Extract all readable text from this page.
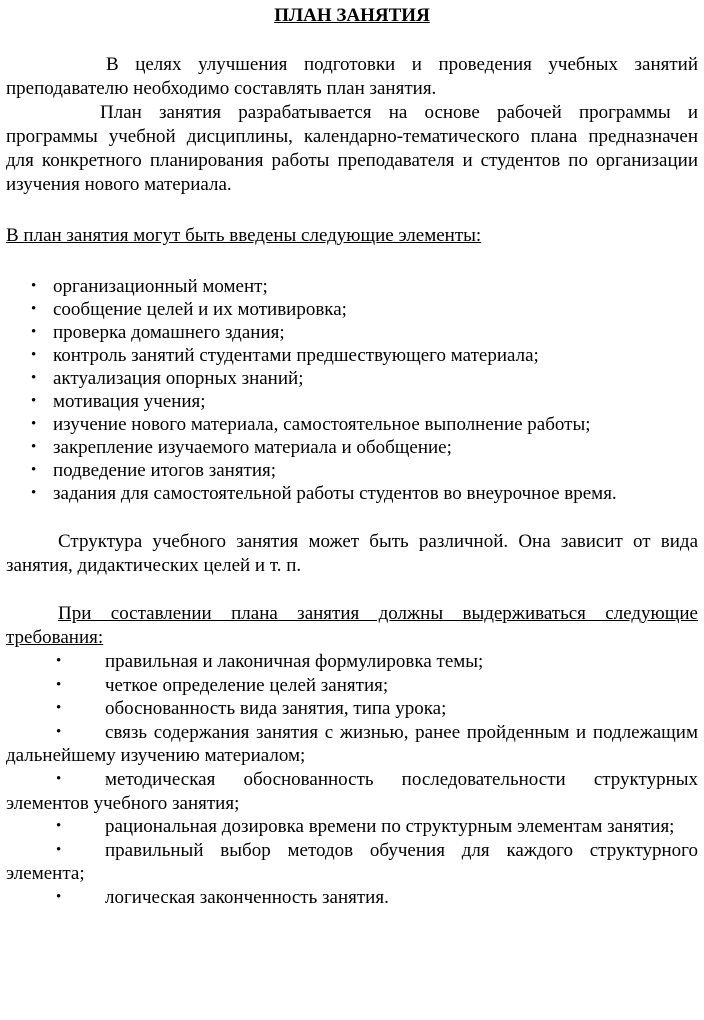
ПЛАН ЗАНЯТИЯ

В целях улучшения подготовки и проведения учебных занятий преподавателю необходимо составлять план занятия.

План занятия разрабатывается на основе рабочей программы и программы учебной дисциплины, календарно-тематического плана предназначен для конкретного планирования работы преподавателя и студентов по организации изучения нового материала.

В план занятия могут быть введены следующие элементы:
• организационный момент;
• сообщение целей и их мотивировка;
• проверка домашнего здания;
• контроль занятий студентами предшествующего материала;
• актуализация опорных знаний;
• мотивация учения;
• изучение нового материала, самостоятельное выполнение работы;
• закрепление изучаемого материала и обобщение;
• подведение итогов занятия;
• задания для самостоятельной работы студентов во внеурочное время.

Структура учебного занятия может быть различной. Она зависит от вида занятия, дидактических целей и т. п.

При составлении плана занятия должны выдерживаться следующие требования:

• правильная и лаконичная формулировка темы;
• четкое определение целей занятия;
• обоснованность вида занятия, типа урока;
• связь содержания занятия с жизнью, ранее пройденным и подлежащим дальнейшему изучению материалом;
• методическая обоснованность последовательности структурных элементов учебного занятия;
• рациональная дозировка времени по структурным элементам занятия;
• правильный выбор методов обучения для каждого структурного элемента;
• логическая законченность занятия.
